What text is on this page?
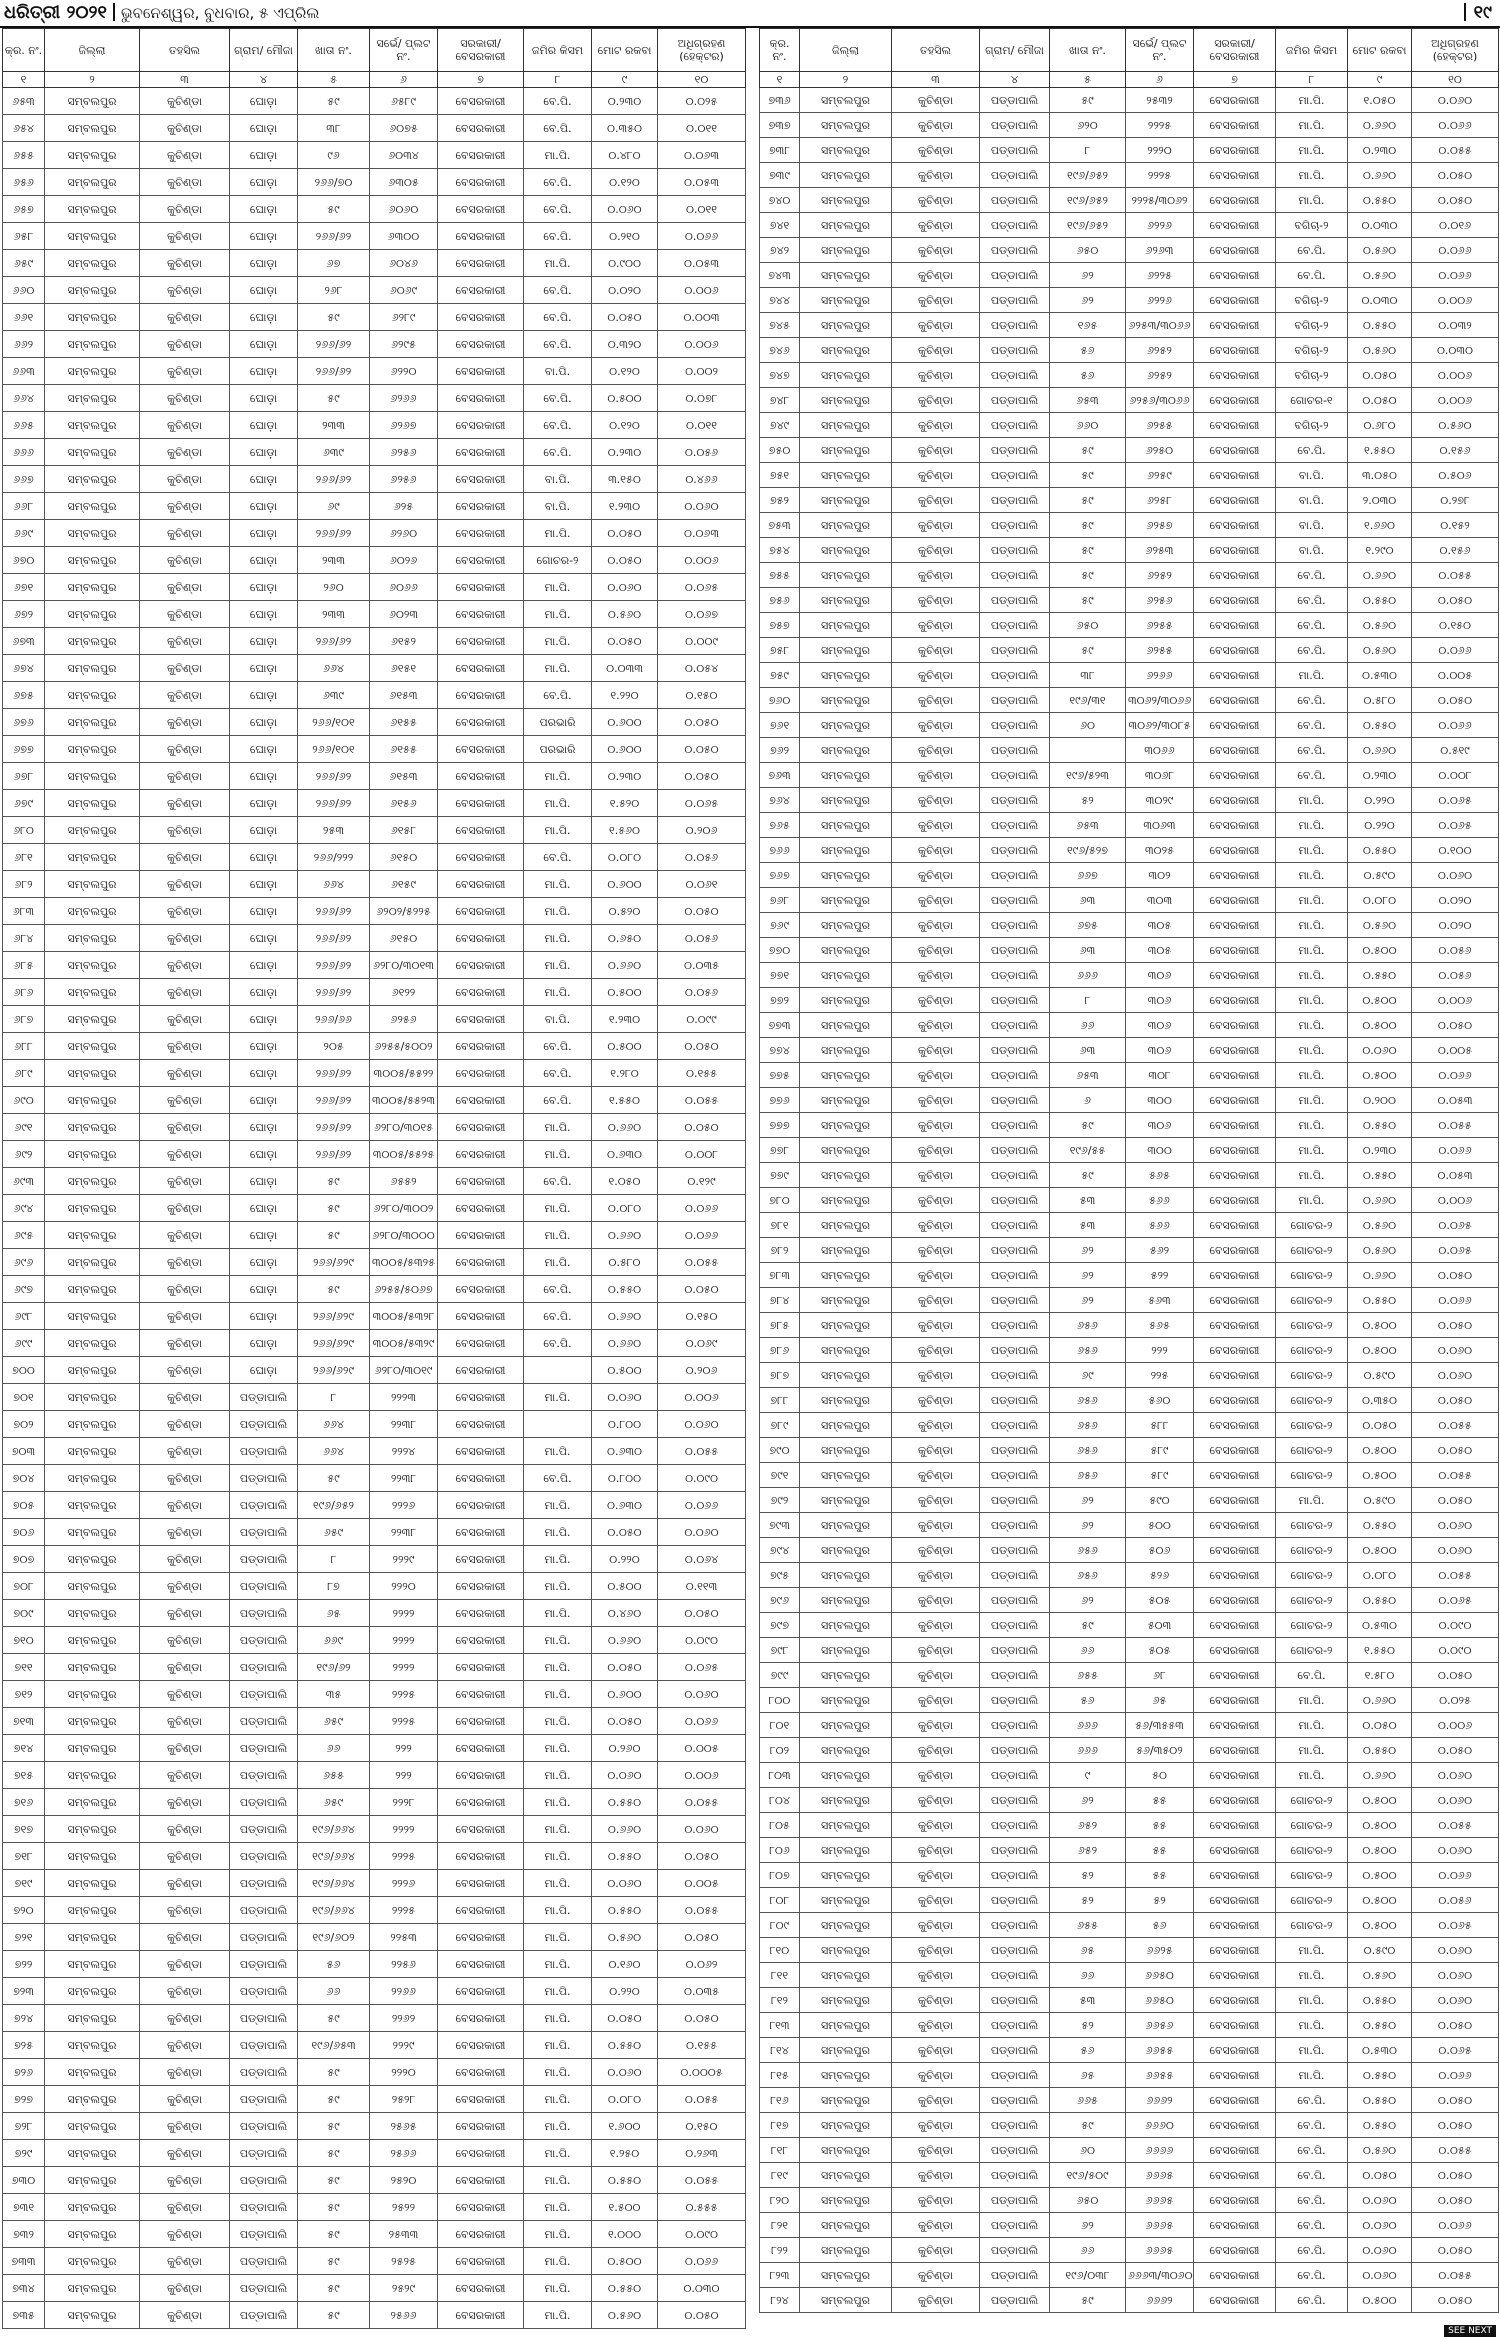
ଧରିତ୍ରୀ ୨୦୨୧ ଭୁବନେଶ୍ୱର, ବୁଧବାର, ୫ ଏପ୍ରିଲ	୧୯
କ୍ର. ନଂ.	ଜିଲ୍ଲା	ତହସିଲ	ଗ୍ରାମ/ ମୌଜା	ଖାତା ନଂ.	ସର୍ଭେ/ ପ୍ଲଟ ନଂ.	ସରକାରୀ/ ବେସରକାରୀ	ଜମିର କିସମ	ମୋଟ ରକବା	ଅଧିଗ୍ରହଣ (ହେକ୍ଟର)
୧	୨	୩	୪	୫	୬	୭	୮	୯	୧୦
୬୫୩	ସମ୍ବଲପୁର	କୁଚିଣ୍ଡା	ଘୋଡ଼ା	୫୯	୬୫୮୯	ବେସରକାରୀ	ବେ.ପି.	୦.୨୩୦	୦.୦୨୫
୬୫୪	ସମ୍ବଲପୁର	କୁଚିଣ୍ଡା	ଘୋଡ଼ା	୩୮	୬୦୭୫	ବେସରକାରୀ	ବେ.ପି.	୦.୩୫୦	୦.୦୧୧
୬୫୫	ସମ୍ବଲପୁର	କୁଚିଣ୍ଡା	ଘୋଡ଼ା	୯୬	୬୦୩୪	ବେସରକାରୀ	ମା.ପି.	୦.୪୮୦	୦.୦୬୩
୬୫୬	ସମ୍ବଲପୁର	କୁଚିଣ୍ଡା	ଘୋଡ଼ା	୨୬୬/୭୦	୬୩୦୫	ବେସରକାରୀ	ବେ.ପି.	୦.୧୨୦	୦.୦୫୩
୬୫୭	ସମ୍ବଲପୁର	କୁଚିଣ୍ଡା	ଘୋଡ଼ା	୫୯	୬୦୬୦	ବେସରକାରୀ	ବେ.ପି.	୦.୦୬୦	୦.୦୧୧
୬୫୮	ସମ୍ବଲପୁର	କୁଚିଣ୍ଡା	ଘୋଡ଼ା	୨୬୬/୬୨	୬୩୦୦	ବେସରକାରୀ	ବେ.ପି.	୦.୨୧୦	୦.୦୬୬
୬୫୯	ସମ୍ବଲପୁର	କୁଚିଣ୍ଡା	ଘୋଡ଼ା	୬୭	୬୦୪୬	ବେସରକାରୀ	ମା.ପି.	୦.୯୦୦	୦.୦୫୩
୬୬୦	ସମ୍ବଲପୁର	କୁଚିଣ୍ଡା	ଘୋଡ଼ା	୨୬୮	୬୦୬୯	ବେସରକାରୀ	ବେ.ପି.	୦.୦୨୦	୦.୦୦୬
୬୬୧	ସମ୍ବଲପୁର	କୁଚିଣ୍ଡା	ଘୋଡ଼ା	୫୯	୬୨୮୯	ବେସରକାରୀ	ବେ.ପି.	୦.୦୫୦	୦.୦୦୩
୬୬୨	ସମ୍ବଲପୁର	କୁଚିଣ୍ଡା	ଘୋଡ଼ା	୨୬୬/୬୨	୬୨୯୫	ବେସରକାରୀ	ବେ.ପି.	୦.୩୨୦	୦.୦୦୬
୬୬୩	ସମ୍ବଲପୁର	କୁଚିଣ୍ଡା	ଘୋଡ଼ା	୨୬୬/୬୨	୬୨୨୦	ବେସରକାରୀ	ବା.ପି.	୦.୧୨୦	୦.୦୦୨
୬୬୪	ସମ୍ବଲପୁର	କୁଚିଣ୍ଡା	ଘୋଡ଼ା	୫୯	୬୨୬୬	ବେସରକାରୀ	ବେ.ପି.	୦.୫୦୦	୦.୦୭୮
୬୬୫	ସମ୍ବଲପୁର	କୁଚିଣ୍ଡା	ଘୋଡ଼ା	୨୩୩	୬୨୬୭	ବେସରକାରୀ	ବେ.ପି.	୦.୧୨୦	୦.୦୧୧
୬୬୬	ସମ୍ବଲପୁର	କୁଚିଣ୍ଡା	ଘୋଡ଼ା	୬୩୯	୬୨୫୬	ବେସରକାରୀ	ବେ.ପି.	୦.୨୩୦	୦.୦୫୬
୬୬୭	ସମ୍ବଲପୁର	କୁଚିଣ୍ଡା	ଘୋଡ଼ା	୨୬୬/୬୨	୬୨୫୬	ବେସରକାରୀ	ବା.ପି.	୩.୧୫୦	୦.୪୬୬
୬୬୮	ସମ୍ବଲପୁର	କୁଚିଣ୍ଡା	ଘୋଡ଼ା	୬୯	୬୨୫	ବେସରକାରୀ	ବା.ପି.	୧.୨୩୦	୦.୦୬୦
୬୬୯	ସମ୍ବଲପୁର	କୁଚିଣ୍ଡା	ଘୋଡ଼ା	୨୬୬/୬୨	୬୨୬୦	ବେସରକାରୀ	ମା.ପି.	୦.୦୫୦	୦.୦୬୩
୬୭୦	ସମ୍ବଲପୁର	କୁଚିଣ୍ଡା	ଘୋଡ଼ା	୨୩୩	୬୦୨୬	ବେସରକାରୀ	ଗୋଚର-୨	୦.୦୫୦	୦.୦୦୬
୬୭୧	ସମ୍ବଲପୁର	କୁଚିଣ୍ଡା	ଘୋଡ଼ା	୨୬୦	୬୦୬୬	ବେସରକାରୀ	ମା.ପି.	୦.୦୬୦	୦.୦୬୫
୬୭୨	ସମ୍ବଲପୁର	କୁଚିଣ୍ଡା	ଘୋଡ଼ା	୨୩୩	୬୦୨୩	ବେସରକାରୀ	ମା.ପି.	୦.୫୬୦	୦.୦୬୭
୬୭୩	ସମ୍ବଲପୁର	କୁଚିଣ୍ଡା	ଘୋଡ଼ା	୨୬୬/୬୨	୬୧୫୨	ବେସରକାରୀ	ମା.ପି.	୦.୦୫୦	୦.୦୦୯
୬୭୪	ସମ୍ବଲପୁର	କୁଚିଣ୍ଡା	ଘୋଡ଼ା	୬୬୪	୬୧୫୧	ବେସରକାରୀ	ମା.ପି.	୦.୦୩୩	୦.୦୫୪
୬୭୫	ସମ୍ବଲପୁର	କୁଚିଣ୍ଡା	ଘୋଡ଼ା	୬୩୯	୬୧୫୩	ବେସରକାରୀ	ବେ.ପି.	୧.୨୨୦	୦.୧୫୦
୬୭୬	ସମ୍ବଲପୁର	କୁଚିଣ୍ଡା	ଘୋଡ଼ା	୨୬୬/୧୦୧	୬୧୫୫	ବେସରକାରୀ	ପରଭାରି	୦.୬୦୦	୦.୦୫୦
୬୭୭	ସମ୍ବଲପୁର	କୁଚିଣ୍ଡା	ଘୋଡ଼ା	୨୬୬/୧୦୧	୬୧୫୫	ବେସରକାରୀ	ପରଭାରି	୦.୬୦୦	୦.୦୫୦
୬୭୮	ସମ୍ବଲପୁର	କୁଚିଣ୍ଡା	ଘୋଡ଼ା	୨୬୬/୬୨	୬୧୫୩	ବେସରକାରୀ	ମା.ପି.	୦.୨୩୦	୦.୦୫୦
୬୭୯	ସମ୍ବଲପୁର	କୁଚିଣ୍ଡା	ଘୋଡ଼ା	୨୬୬/୬୨	୬୧୫୬	ବେସରକାରୀ	ମା.ପି.	୧.୫୨୦	୦.୦୬୫
୬୮୦	ସମ୍ବଲପୁର	କୁଚିଣ୍ଡା	ଘୋଡ଼ା	୨୫୩	୬୧୫୮	ବେସରକାରୀ	ମା.ପି.	୧.୫୬୦	୦.୨୦୬
୬୮୧	ସମ୍ବଲପୁର	କୁଚିଣ୍ଡା	ଘୋଡ଼ା	୨୬୬/୨୨୨	୬୧୫୦	ବେସରକାରୀ	ବେ.ପି.	୦.୦୮୦	୦.୦୫୬
୬୮୨	ସମ୍ବଲପୁର	କୁଚିଣ୍ଡା	ଘୋଡ଼ା	୬୬୪	୬୧୫୯	ବେସରକାରୀ	ମା.ପି.	୦.୬୦୦	୦.୦୬୧
୬୮୩	ସମ୍ବଲପୁର	କୁଚିଣ୍ଡା	ଘୋଡ଼ା	୨୬୬/୬୨	୬୨୦୨/୫୨୨୫	ବେସରକାରୀ	ମା.ପି.	୦.୫୨୦	୦.୦୫୦
୬୮୪	ସମ୍ବଲପୁର	କୁଚିଣ୍ଡା	ଘୋଡ଼ା	୨୬୬/୬୨	୬୧୫୦	ବେସରକାରୀ	ମା.ପି.	୦.୬୫୦	୦.୦୫୬
୬୮୫	ସମ୍ବଲପୁର	କୁଚିଣ୍ଡା	ଘୋଡ଼ା	୨୬୬/୬୨	୬୨୮୦/୩୦୧୩	ବେସରକାରୀ	ମା.ପି.	୦.୬୬୦	୦.୦୩୫
୬୮୬	ସମ୍ବଲପୁର	କୁଚିଣ୍ଡା	ଘୋଡ଼ା	୨୬୬/୬୨	୬୧୨୨	ବେସରକାରୀ	ମା.ପି.	୦.୫୦୦	୦.୦୫୬
୬୮୭	ସମ୍ବଲପୁର	କୁଚିଣ୍ଡା	ଘୋଡ଼ା	୨୬୬/୬୬	୬୨୫୬	ବେସରକାରୀ	ବା.ପି.	୧.୨୩୦	୦.୦୯୯
୬୮୮	ସମ୍ବଲପୁର	କୁଚିଣ୍ଡା	ଘୋଡ଼ା	୨୦୫	୬୨୫୫/୫୦୦୨	ବେସରକାରୀ	ବେ.ପି.	୦.୫୦୦	୦.୦୫୦
୬୮୯	ସମ୍ବଲପୁର	କୁଚିଣ୍ଡା	ଘୋଡ଼ା	୨୬୬/୬୨	୩୦୦୫/୫୫୨୨	ବେସରକାରୀ	ବେ.ପି.	୧.୨୮୦	୦.୧୫୫
୬୯୦	ସମ୍ବଲପୁର	କୁଚିଣ୍ଡା	ଘୋଡ଼ା	୨୬୬/୬୨	୩୦୦୫/୫୫୨୩	ବେସରକାରୀ	ବେ.ପି.	୧.୫୫୦	୦.୦୫୫
୬୯୧	ସମ୍ବଲପୁର	କୁଚିଣ୍ଡା	ଘୋଡ଼ା	୨୬୬/୬୨	୬୨୮୦/୩୦୧୫	ବେସରକାରୀ	ମା.ପି.	୦.୬୬୦	୦.୦୫୦
୬୯୨	ସମ୍ବଲପୁର	କୁଚିଣ୍ଡା	ଘୋଡ଼ା	୨୬୬/୬୨	୩୦୦୫/୫୫୨୫	ବେସରକାରୀ	ମା.ପି.	୦.୬୩୦	୦.୦୦୮
୬୯୩	ସମ୍ବଲପୁର	କୁଚିଣ୍ଡା	ଘୋଡ଼ା	୫୯	୬୫୫୨	ବେସରକାରୀ	ବେ.ପି.	୧.୦୫୦	୦.୧୨୯
୬୯୪	ସମ୍ବଲପୁର	କୁଚିଣ୍ଡା	ଘୋଡ଼ା	୫୯	୬୨୮୦/୩୦୦୨	ବେସରକାରୀ	ମା.ପି.	୦.୦୮୦	୦.୦୬୬
୬୯୫	ସମ୍ବଲପୁର	କୁଚିଣ୍ଡା	ଘୋଡ଼ା	୫୯	୬୨୮୦/୩୦୦୦	ବେସରକାରୀ	ମା.ପି.	୦.୬୬୦	୦.୦୬୬
୬୯୬	ସମ୍ବଲପୁର	କୁଚିଣ୍ଡା	ଘୋଡ଼ା	୨୬୬/୬୨୯	୩୦୦୫/୫୩୨୫	ବେସରକାରୀ	ମା.ପି.	୦.୫୮୦	୦.୦୫୫
୬୯୭	ସମ୍ବଲପୁର	କୁଚିଣ୍ଡା	ଘୋଡ଼ା	୫୯	୬୨୫୫/୫୦୬୭	ବେସରକାରୀ	ବେ.ପି.	୦.୫୫୦	୦.୦୫୦
୬୯୮	ସମ୍ବଲପୁର	କୁଚିଣ୍ଡା	ଘୋଡ଼ା	୨୬୬/୬୨୯	୩୦୦୫/୫୩୨୮	ବେସରକାରୀ	ବେ.ପି.	୦.୬୬୦	୦.୧୫୦
୬୯୯	ସମ୍ବଲପୁର	କୁଚିଣ୍ଡା	ଘୋଡ଼ା	୨୬୬/୬୨୯	୩୦୦୫/୫୩୨୯	ବେସରକାରୀ	ବେ.ପି.	୦.୬୬୦	୦.୦୬୯
୭୦୦	ସମ୍ବଲପୁର	କୁଚିଣ୍ଡା	ଘୋଡ଼ା	୨୬୬/୬୨୯	୬୨୮୦/୩୦୧୯	ବେସରକାରୀ		୦.୫୦୦	୦.୨୦୬
୭୦୧	ସମ୍ବଲପୁର	କୁଚିଣ୍ଡା	ପଡ୍ଡାପାଲି	୮	୨୨୨୩	ବେସରକାରୀ	ମା.ପି.	୦.୦୬୦	୦.୦୦୬
୭୦୨	ସମ୍ବଲପୁର	କୁଚିଣ୍ଡା	ପଡ୍ଡାପାଲି	୬୬୪	୨୨୩୮	ବେସରକାରୀ		୦.୮୦୦	୦.୦୬୦
୭୦୩	ସମ୍ବଲପୁର	କୁଚିଣ୍ଡା	ପଡ୍ଡାପାଲି	୬୬୪	୨୨୨୪	ବେସରକାରୀ	ମା.ପି.	୦.୬୩୦	୦.୦୫୫
୭୦୪	ସମ୍ବଲପୁର	କୁଚିଣ୍ଡା	ପଡ୍ଡାପାଲି	୫୯	୨୨୩୮	ବେସରକାରୀ	ବେ.ପି.	୦.୮୦୦	୦.୦୯୦
୭୦୫	ସମ୍ବଲପୁର	କୁଚିଣ୍ଡା	ପଡ୍ଡାପାଲି	୧୯୬/୬୫୨	୨୨୨୬	ବେସରକାରୀ	ମା.ପି.	୦.୬୩୦	୦.୦୬୬
୭୦୬	ସମ୍ବଲପୁର	କୁଚିଣ୍ଡା	ପଡ୍ଡାପାଲି	୬୫୯	୨୨୩୮	ବେସରକାରୀ	ମା.ପି.	୦.୦୫୦	୦.୦୬୦
୭୦୭	ସମ୍ବଲପୁର	କୁଚିଣ୍ଡା	ପଡ୍ଡାପାଲି	୮	୨୨୨୯	ବେସରକାରୀ	ମା.ପି.	୦.୨୨୦	୦.୦୬୪
୭୦୮	ସମ୍ବଲପୁର	କୁଚିଣ୍ଡା	ପଡ୍ଡାପାଲି	୮୭	୨୨୨୦	ବେସରକାରୀ	ମା.ପି.	୦.୫୦୦	୦.୧୧୩
୭୦୯	ସମ୍ବଲପୁର	କୁଚିଣ୍ଡା	ପଡ୍ଡାପାଲି	୬୫	୨୨୨୨	ବେସରକାରୀ	ମା.ପି.	୦.୪୬୦	୦.୦୫୦
୭୧୦	ସମ୍ବଲପୁର	କୁଚିଣ୍ଡା	ପଡ୍ଡାପାଲି	୬୬୯	୨୨୨୨	ବେସରକାରୀ	ମା.ପି.	୦.୬୬୦	୦.୦୯୦
୭୧୧	ସମ୍ବଲପୁର	କୁଚିଣ୍ଡା	ପଡ୍ଡାପାଲି	୧୯୬/୬୨	୨୨୨୨	ବେସରକାରୀ	ମା.ପି.	୦.୦୫୦	୦.୦୬୫
୭୧୨	ସମ୍ବଲପୁର	କୁଚିଣ୍ଡା	ପଡ୍ଡାପାଲି	୩୫	୨୨୨୫	ବେସରକାରୀ	ମା.ପି.	୦.୬୦୦	୦.୦୬୦
୭୧୩	ସମ୍ବଲପୁର	କୁଚିଣ୍ଡା	ପଡ୍ଡାପାଲି	୬୫୯	୨୨୨୫	ବେସରକାରୀ	ମା.ପି.	୦.୦୫୦	୦.୦୬୬
୭୧୪	ସମ୍ବଲପୁର	କୁଚିଣ୍ଡା	ପଡ୍ଡାପାଲି	୬୬	୨୨୨	ବେସରକାରୀ	ମା.ପି.	୦.୨୬୦	୦.୦୦୫
୭୧୫	ସମ୍ବଲପୁର	କୁଚିଣ୍ଡା	ପଡ୍ଡାପାଲି	୬୫୫	୨୨୨	ବେସରକାରୀ	ମା.ପି.	୦.୦୬୦	୦.୦୦୬
୭୧୬	ସମ୍ବଲପୁର	କୁଚିଣ୍ଡା	ପଡ୍ଡାପାଲି	୬୫୯	୨୨୨୮	ବେସରକାରୀ	ମା.ପି.	୦.୫୫୦	୦.୦୫୫
୭୧୭	ସମ୍ବଲପୁର	କୁଚିଣ୍ଡା	ପଡ୍ଡାପାଲି	୧୯୬/୬୬୪	୨୨୨୨	ବେସରକାରୀ	ମା.ପି.	୦.୬୬୦	୦.୦୬୦
୭୧୮	ସମ୍ବଲପୁର	କୁଚିଣ୍ଡା	ପଡ୍ଡାପାଲି	୧୯୬/୬୬୪	୨୨୨୫	ବେସରକାରୀ	ମା.ପି.	୦.୫୫୦	୦.୦୫୦
୭୧୯	ସମ୍ବଲପୁର	କୁଚିଣ୍ଡା	ପଡ୍ଡାପାଲି	୧୯୬/୬୬୪	୨୨୨୬	ବେସରକାରୀ	ମା.ପି.	୦.୦୬୦	୦.୦୦୫
୭୨୦	ସମ୍ବଲପୁର	କୁଚିଣ୍ଡା	ପଡ୍ଡାପାଲି	୧୯୬/୬୬୪	୨୨୨୫	ବେସରକାରୀ	ମା.ପି.	୦.୫୫୦	୦.୦୫୫
୭୨୧	ସମ୍ବଲପୁର	କୁଚିଣ୍ଡା	ପଡ୍ଡାପାଲି	୧୯୬/୬୦୨	୨୨୫୩	ବେସରକାରୀ	ମା.ପି.	୦.୫୬୦	୦.୦୫୦
୭୨୨	ସମ୍ବଲପୁର	କୁଚିଣ୍ଡା	ପଡ୍ଡାପାଲି	୫୬	୨୨୫୬	ବେସରକାରୀ	ମା.ପି.	୦.୧୬୦	୦.୦୬୨
୭୨୩	ସମ୍ବଲପୁର	କୁଚିଣ୍ଡା	ପଡ୍ଡାପାଲି	୬୬	୨୨୬୬	ବେସରକାରୀ	ମା.ପି.	୦.୨୨୦	୦.୦୩୫
୭୨୪	ସମ୍ବଲପୁର	କୁଚିଣ୍ଡା	ପଡ୍ଡାପାଲି	୫୯	୨୨୬୨	ବେସରକାରୀ	ମା.ପି.	୦.୦୫୦	୦.୦୫୦
୭୨୫	ସମ୍ବଲପୁର	କୁଚିଣ୍ଡା	ପଡ୍ଡାପାଲି	୧୯୬/୬୫୩	୨୨୨୯	ବେସରକାରୀ	ମା.ପି.	୦.୫୫୦	୦.୧୫୫
୭୨୬	ସମ୍ବଲପୁର	କୁଚିଣ୍ଡା	ପଡ୍ଡାପାଲି	୫୯	୨୨୨୦	ବେସରକାରୀ	ମା.ପି.	୦.୦୬୦	୦.୦୦୦୫
୭୨୭	ସମ୍ବଲପୁର	କୁଚିଣ୍ଡା	ପଡ୍ଡାପାଲି	୫୯	୨୫୨୮	ବେସରକାରୀ	ମା.ପି.	୦.୦୮୦	୦.୦୫୫
୭୨୮	ସମ୍ବଲପୁର	କୁଚିଣ୍ଡା	ପଡ୍ଡାପାଲି	୫୯	୨୫୬୫	ବେସରକାରୀ	ମା.ପି.	୧.୬୦୦	୦.୧୫୦
୭୨୯	ସମ୍ବଲପୁର	କୁଚିଣ୍ଡା	ପଡ୍ଡାପାଲି	୫୯	୨୫୬୬	ବେସରକାରୀ	ମା.ପି.	୧.୨୫୦	୦.୨୬୩
୭୩୦	ସମ୍ବଲପୁର	କୁଚିଣ୍ଡା	ପଡ୍ଡାପାଲି	୫୯	୨୫୨୦	ବେସରକାରୀ	ମା.ପି.	୦.୫୫୦	୦.୦୫୫
୭୩୧	ସମ୍ବଲପୁର	କୁଚିଣ୍ଡା	ପଡ୍ଡାପାଲି	୫୯	୨୫୨୨	ବେସରକାରୀ	ମା.ପି.	୧.୫୦୦	୦.୫୫୫
୭୩୨	ସମ୍ବଲପୁର	କୁଚିଣ୍ଡା	ପଡ୍ଡାପାଲି	୫୯	୨୫୩୩	ବେସରକାରୀ	ମା.ପି.	୧.୦୦୦	୦.୦୯୦
୭୩୩	ସମ୍ବଲପୁର	କୁଚିଣ୍ଡା	ପଡ୍ଡାପାଲି	୫୯	୨୫୨୫	ବେସରକାରୀ	ମା.ପି.	୦.୫୦୦	୦.୦୬୬
୭୩୪	ସମ୍ବଲପୁର	କୁଚିଣ୍ଡା	ପଡ୍ଡାପାଲି	୫୯	୨୫୨୯	ବେସରକାରୀ	ମା.ପି.	୦.୫୫୦	୦.୦୩୦
୭୩୫	ସମ୍ବଲପୁର	କୁଚିଣ୍ଡା	ପଡ୍ଡାପାଲି	୫୯	୨୫୬୬	ବେସରକାରୀ	ମା.ପି.	୦.୫୬୦	୦.୦୫୦
କ୍ର. ନଂ.	ଜିଲ୍ଲା	ତହସିଲ	ଗ୍ରାମ/ ମୌଜା	ଖାତା ନଂ.	ସର୍ଭେ/ ପ୍ଲଟ ନଂ.	ସରକାରୀ/ ବେସରକାରୀ	ଜମିର କିସମ	ମୋଟ ରକବା	ଅଧିଗ୍ରହଣ (ହେକ୍ଟର)
୧	୨	୩	୪	୫	୬	୭	୮	୯	୧୦
୭୩୬	ସମ୍ବଲପୁର	କୁଚିଣ୍ଡା	ପଡ୍ଡାପାଲି	୫୯	୨୫୩୨	ବେସରକାରୀ	ମା.ପି.	୧.୦୫୦	୦.୦୬୦
୭୩୭	ସମ୍ବଲପୁର	କୁଚିଣ୍ଡା	ପଡ୍ଡାପାଲି	୬୨୦	୨୨୨୫	ବେସରକାରୀ	ମା.ପି.	୦.୬୬୦	୦.୦୬୬
୭୩୮	ସମ୍ବଲପୁର	କୁଚିଣ୍ଡା	ପଡ୍ଡାପାଲି	୮	୨୨୨୦	ବେସରକାରୀ	ମା.ପି.	୦.୨୩୦	୦.୦୫୫
୭୩୯	ସମ୍ବଲପୁର	କୁଚିଣ୍ଡା	ପଡ୍ଡାପାଲି	୧୯୬/୬୫୨	୨୨୨୫	ବେସରକାରୀ	ମା.ପି.	୦.୬୬୦	୦.୦୫୦
୭୪୦	ସମ୍ବଲପୁର	କୁଚିଣ୍ଡା	ପଡ୍ଡାପାଲି	୧୯୬/୬୫୨	୨୨୨୫/୩୦୬୨	ବେସରକାରୀ	ମା.ପି.	୦.୫୫୦	୦.୦୫୦
୭୪୧	ସମ୍ବଲପୁର	କୁଚିଣ୍ଡା	ପଡ୍ଡାପାଲି	୧୯୬/୬୫୨	୬୨୨୬	ବେସରକାରୀ	ବଗିଚା-୨	୦.୦୩୦	୦.୦୧୬
୭୪୨	ସମ୍ବଲପୁର	କୁଚିଣ୍ଡା	ପଡ୍ଡାପାଲି	୬୫୦	୬୨୬୩	ବେସରକାରୀ	ବେ.ପି.	୦.୫୬୦	୦.୦୬୬
୭୪୩	ସମ୍ବଲପୁର	କୁଚିଣ୍ଡା	ପଡ୍ଡାପାଲି	୬୨	୬୨୨୫	ବେସରକାରୀ	ବେ.ପି.	୦.୫୬୦	୦.୦୬୬
୭୪୪	ସମ୍ବଲପୁର	କୁଚିଣ୍ଡା	ପଡ୍ଡାପାଲି	୬୨	୬୨୨୬	ବେସରକାରୀ	ବଗିଚା-୨	୦.୦୩୦	୦.୦୦୬
୭୪୫	ସମ୍ବଲପୁର	କୁଚିଣ୍ଡା	ପଡ୍ଡାପାଲି	୧୬୫	୬୨୫୩/୩୦୬୬	ବେସରକାରୀ	ବଗିଚା-୨	୦.୫୫୦	୦.୦୩୨
୭୪୬	ସମ୍ବଲପୁର	କୁଚିଣ୍ଡା	ପଡ୍ଡାପାଲି	୫୬	୬୨୫୨	ବେସରକାରୀ	ବଗିଚା-୨	୦.୫୬୦	୦.୦୩୦
୭୪୭	ସମ୍ବଲପୁର	କୁଚିଣ୍ଡା	ପଡ୍ଡାପାଲି	୫୬	୬୨୫୨	ବେସରକାରୀ	ବଗିଚା-୨	୦.୦୫୦	୦.୦୦୬
୭୪୮	ସମ୍ବଲପୁର	କୁଚିଣ୍ଡା	ପଡ୍ଡାପାଲି	୬୫୩	୬୨୫୬/୩୦୬୬	ବେସରକାରୀ	ଗୋଚର-୧	୦.୦୫୦	୦.୦୦୬
୭୪୯	ସମ୍ବଲପୁର	କୁଚିଣ୍ଡା	ପଡ୍ଡାପାଲି	୬୬୦	୬୨୫୫	ବେସରକାରୀ	ବଗିଚା-୨	୦.୬୮୦	୦.୫୬୦
୭୫୦	ସମ୍ବଲପୁର	କୁଚିଣ୍ଡା	ପଡ୍ଡାପାଲି	୫୯	୬୨୫୦	ବେସରକାରୀ	ବେ.ପି.	୧.୫୫୦	୦.୧୫୬
୭୫୧	ସମ୍ବଲପୁର	କୁଚିଣ୍ଡା	ପଡ୍ଡାପାଲି	୫୯	୬୨୫୯	ବେସରକାରୀ	ବା.ପି.	୩.୦୫୦	୦.୫୦୬
୭୫୨	ସମ୍ବଲପୁର	କୁଚିଣ୍ଡା	ପଡ୍ଡାପାଲି	୫୯	୬୨୫୮	ବେସରକାରୀ	ବା.ପି.	୨.୦୩୦	୦.୨୭୮
୭୫୩	ସମ୍ବଲପୁର	କୁଚିଣ୍ଡା	ପଡ୍ଡାପାଲି	୫୯	୬୨୫୭	ବେସରକାରୀ	ବା.ପି.	୧.୬୬୦	୦.୧୫୨
୭୫୪	ସମ୍ବଲପୁର	କୁଚିଣ୍ଡା	ପଡ୍ଡାପାଲି	୫୯	୬୨୫୩	ବେସରକାରୀ	ବା.ପି.	୧.୨୯୦	୦.୧୫୬
୭୫୫	ସମ୍ବଲପୁର	କୁଚିଣ୍ଡା	ପଡ୍ଡାପାଲି	୫୯	୬୨୫୨	ବେସରକାରୀ	ବେ.ପି.	୦.୬୬୦	୦.୦୫୫
୭୫୬	ସମ୍ବଲପୁର	କୁଚିଣ୍ଡା	ପଡ୍ଡାପାଲି	୫୯	୬୨୫୬	ବେସରକାରୀ	ବେ.ପି.	୦.୫୫୦	୦.୦୫୦
୭୫୭	ସମ୍ବଲପୁର	କୁଚିଣ୍ଡା	ପଡ୍ଡାପାଲି	୬୫୦	୬୨୫୫	ବେସରକାରୀ	ବେ.ପି.	୦.୫୬୦	୦.୧୫୦
୭୫୮	ସମ୍ବଲପୁର	କୁଚିଣ୍ଡା	ପଡ୍ଡାପାଲି	୫୯	୬୨୫୫	ବେସରକାରୀ	ବେ.ପି.	୦.୫୬୦	୦.୦୬୬
୭୫୯	ସମ୍ବଲପୁର	କୁଚିଣ୍ଡା	ପଡ୍ଡାପାଲି	୩୮	୬୨୬୬	ବେସରକାରୀ	ମା.ପି.	୦.୫୩୦	୦.୦୦୫
୭୬୦	ସମ୍ବଲପୁର	କୁଚିଣ୍ଡା	ପଡ୍ଡାପାଲି	୧୯୬/୩୧	୩୦୬୨/୩୦୬୬	ବେସରକାରୀ	ବେ.ପି.	୦.୫୮୦	୦.୦୫୦
୭୬୧	ସମ୍ବଲପୁର	କୁଚିଣ୍ଡା	ପଡ୍ଡାପାଲି	୬୦	୩୦୬୨/୩୦୮୫	ବେସରକାରୀ	ବେ.ପି.	୦.୫୫୦	୦.୦୬୬
୭୬୨	ସମ୍ବଲପୁର	କୁଚିଣ୍ଡା	ପଡ୍ଡାପାଲି		୩୦୬୬	ବେସରକାରୀ	ବେ.ପି.	୦.୬୬୦	୦.୫୧୯
୭୬୩	ସମ୍ବଲପୁର	କୁଚିଣ୍ଡା	ପଡ୍ଡାପାଲି	୧୯୬/୫୨୩	୩୦୬୮	ବେସରକାରୀ	ବେ.ପି.	୦.୨୩୦	୦.୦୦୮
୭୬୪	ସମ୍ବଲପୁର	କୁଚିଣ୍ଡା	ପଡ୍ଡାପାଲି	୫୨	୩୦୨୯	ବେସରକାରୀ	ମା.ପି.	୦.୨୨୦	୦.୦୬୫
୭୬୫	ସମ୍ବଲପୁର	କୁଚିଣ୍ଡା	ପଡ୍ଡାପାଲି	୬୫୩	୩୦୬୩	ବେସରକାରୀ	ମା.ପି.	୦.୨୨୦	୦.୦୬୫
୭୬୬	ସମ୍ବଲପୁର	କୁଚିଣ୍ଡା	ପଡ୍ଡାପାଲି	୧୯୬/୫୨୭	୩୦୨୫	ବେସରକାରୀ	ମା.ପି.	୦.୫୫୦	୦.୧୦୦
୭୬୭	ସମ୍ବଲପୁର	କୁଚିଣ୍ଡା	ପଡ୍ଡାପାଲି	୬୬୭	୩୦୨	ବେସରକାରୀ	ମା.ପି.	୦.୫୯୦	୦.୦୬୦
୭୬୮	ସମ୍ବଲପୁର	କୁଚିଣ୍ଡା	ପଡ୍ଡାପାଲି	୬୩	୩୦୩	ବେସରକାରୀ	ମା.ପି.	୦.୦୮୦	୦.୦୨୦
୭୬୯	ସମ୍ବଲପୁର	କୁଚିଣ୍ଡା	ପଡ୍ଡାପାଲି	୬୭୫	୩୦୫	ବେସରକାରୀ	ମା.ପି.	୦.୫୬୦	୦.୦୨୦
୭୭୦	ସମ୍ବଲପୁର	କୁଚିଣ୍ଡା	ପଡ୍ଡାପାଲି	୬୩	୩୦୫	ବେସରକାରୀ	ମା.ପି.	୦.୫୦୦	୦.୦୫୬
୭୭୧	ସମ୍ବଲପୁର	କୁଚିଣ୍ଡା	ପଡ୍ଡାପାଲି	୬୬୬	୩୦୬	ବେସରକାରୀ	ମା.ପି.	୦.୫୫୦	୦.୦୫୬
୭୭୨	ସମ୍ବଲପୁର	କୁଚିଣ୍ଡା	ପଡ୍ଡାପାଲି	୮	୩୦୬	ବେସରକାରୀ	ମା.ପି.	୦.୫୦୦	୦.୦୦୬
୭୭୩	ସମ୍ବଲପୁର	କୁଚିଣ୍ଡା	ପଡ୍ଡାପାଲି	୬୬	୩୦୬	ବେସରକାରୀ	ମା.ପି.	୦.୫୦୦	୦.୦୫୦
୭୭୪	ସମ୍ବଲପୁର	କୁଚିଣ୍ଡା	ପଡ୍ଡାପାଲି	୬୩	୩୦୬	ବେସରକାରୀ	ମା.ପି.	୦.୦୬୦	୦.୦୦୫
୭୭୫	ସମ୍ବଲପୁର	କୁଚିଣ୍ଡା	ପଡ୍ଡାପାଲି	୬୫୩	୩୦୮	ବେସରକାରୀ	ମା.ପି.	୦.୫୦୦	୦.୦୬୬
୭୭୬	ସମ୍ବଲପୁର	କୁଚିଣ୍ଡା	ପଡ୍ଡାପାଲି	୬	୩୦୦	ବେସରକାରୀ	ମା.ପି.	୦.୨୦୦	୦.୦୫୩
୭୭୭	ସମ୍ବଲପୁର	କୁଚିଣ୍ଡା	ପଡ୍ଡାପାଲି	୫୯	୩୦୬	ବେସରକାରୀ	ମା.ପି.	୦.୫୫୦	୦.୦୫୫
୭୭୮	ସମ୍ବଲପୁର	କୁଚିଣ୍ଡା	ପଡ୍ଡାପାଲି	୧୯୬/୫୫	୩୦୦	ବେସରକାରୀ	ମା.ପି.	୦.୨୩୦	୦.୦୬୬
୭୭୯	ସମ୍ବଲପୁର	କୁଚିଣ୍ଡା	ପଡ୍ଡାପାଲି	୫୯	୫୬୫	ବେସରକାରୀ	ମା.ପି.	୦.୫୫୦	୦.୦୫୩
୭୮୦	ସମ୍ବଲପୁର	କୁଚିଣ୍ଡା	ପଡ୍ଡାପାଲି	୫୩	୫୬୬	ବେସରକାରୀ	ମା.ପି.	୦.୬୬୦	୦.୦୦୬
୭୮୧	ସମ୍ବଲପୁର	କୁଚିଣ୍ଡା	ପଡ୍ଡାପାଲି	୫୩	୫୬୬	ବେସରକାରୀ	ଗୋଚର-୨	୦.୫୬୦	୦.୦୬୫
୭୮୨	ସମ୍ବଲପୁର	କୁଚିଣ୍ଡା	ପଡ୍ଡାପାଲି	୬୨	୫୬୨	ବେସରକାରୀ	ଗୋଚର-୨	୦.୫୬୦	୦.୦୬୫
୭୮୩	ସମ୍ବଲପୁର	କୁଚିଣ୍ଡା	ପଡ୍ଡାପାଲି	୬୨	୫୨୨	ବେସରକାରୀ	ଗୋଚର-୨	୦.୬୬୦	୦.୦୫୦
୭୮୪	ସମ୍ବଲପୁର	କୁଚିଣ୍ଡା	ପଡ୍ଡାପାଲି	୬୨	୫୬୩	ବେସରକାରୀ	ଗୋଚର-୨	୦.୫୫୦	୦.୦୬୬
୭୮୫	ସମ୍ବଲପୁର	କୁଚିଣ୍ଡା	ପଡ୍ଡାପାଲି	୬୫୬	୫୬୫	ବେସରକାରୀ	ଗୋଚର-୨	୦.୫୦୦	୦.୦୫୦
୭୮୬	ସମ୍ବଲପୁର	କୁଚିଣ୍ଡା	ପଡ୍ଡାପାଲି	୬୫୬	୨୨୨	ବେସରକାରୀ	ଗୋଚର-୨	୦.୫୦୦	୦.୦୬୦
୭୮୭	ସମ୍ବଲପୁର	କୁଚିଣ୍ଡା	ପଡ୍ଡାପାଲି	୬୯	୨୨୫	ବେସରକାରୀ	ଗୋଚର-୨	୦.୫୯୦	୦.୦୬୦
୭୮୮	ସମ୍ବଲପୁର	କୁଚିଣ୍ଡା	ପଡ୍ଡାପାଲି	୬୫୬	୫୬୦	ବେସରକାରୀ	ଗୋଚର-୨	୦.୩୫୦	୦.୦୫୦
୭୮୯	ସମ୍ବଲପୁର	କୁଚିଣ୍ଡା	ପଡ୍ଡାପାଲି	୬୫୬	୫୮୮	ବେସରକାରୀ	ଗୋଚର-୨	୦.୦୫୦	୦.୦୫୫
୭୯୦	ସମ୍ବଲପୁର	କୁଚିଣ୍ଡା	ପଡ୍ଡାପାଲି	୬୫୬	୫୮୯	ବେସରକାରୀ	ଗୋଚର-୨	୦.୫୦୦	୦.୦୫୦
୭୯୧	ସମ୍ବଲପୁର	କୁଚିଣ୍ଡା	ପଡ୍ଡାପାଲି	୬୫୬	୫୮୯	ବେସରକାରୀ	ଗୋଚର-୨	୦.୫୦୦	୦.୦୫୫
୭୯୨	ସମ୍ବଲପୁର	କୁଚିଣ୍ଡା	ପଡ୍ଡାପାଲି	୬୨	୫୯୦	ବେସରକାରୀ	ମା.ପି.	୦.୫୯୦	୦.୦୫୦
୭୯୩	ସମ୍ବଲପୁର	କୁଚିଣ୍ଡା	ପଡ୍ଡାପାଲି	୬୨	୫୦୦	ବେସରକାରୀ	ଗୋଚର-୨	୦.୫୫୦	୦.୦୬୦
୭୯୪	ସମ୍ବଲପୁର	କୁଚିଣ୍ଡା	ପଡ୍ଡାପାଲି	୬୫୬	୫୦୬	ବେସରକାରୀ	ଗୋଚର-୨	୦.୫୦୦	୦.୦୬୦
୭୯୫	ସମ୍ବଲପୁର	କୁଚିଣ୍ଡା	ପଡ୍ଡାପାଲି	୬୫୬	୫୨୬	ବେସରକାରୀ	ଗୋଚର-୨	୦.୦୮୦	୦.୦୫୫
୭୯୬	ସମ୍ବଲପୁର	କୁଚିଣ୍ଡା	ପଡ୍ଡାପାଲି	୬୨	୫୦୫	ବେସରକାରୀ	ଗୋଚର-୨	୦.୫୫୦	୦.୦୬୫
୭୯୭	ସମ୍ବଲପୁର	କୁଚିଣ୍ଡା	ପଡ୍ଡାପାଲି	୫୯	୫୦୩	ବେସରକାରୀ	ଗୋଚର-୨	୦.୫୩୦	୦.୦୯୦
୭୯୮	ସମ୍ବଲପୁର	କୁଚିଣ୍ଡା	ପଡ୍ଡାପାଲି	୬୬	୫୦୫	ବେସରକାରୀ	ଗୋଚର-୨	୧.୫୫୦	୦.୦୯୦
୭୯୯	ସମ୍ବଲପୁର	କୁଚିଣ୍ଡା	ପଡ୍ଡାପାଲି	୬୫୫	୬୮	ବେସରକାରୀ	ବେ.ପି.	୧.୫୮୦	୦.୦୫୦
୮୦୦	ସମ୍ବଲପୁର	କୁଚିଣ୍ଡା	ପଡ୍ଡାପାଲି	୫୬	୬୫	ବେସରକାରୀ	ମା.ପି.	୦.୬୬୦	୦.୦୨୫
୮୦୧	ସମ୍ବଲପୁର	କୁଚିଣ୍ଡା	ପଡ୍ଡାପାଲି	୬୬୬	୫୬/୩୫୫୩	ବେସରକାରୀ	ମା.ପି.	୦.୦୫୦	୦.୦୦୬
୮୦୨	ସମ୍ବଲପୁର	କୁଚିଣ୍ଡା	ପଡ୍ଡାପାଲି	୬୬୬	୫୬/୩୫୦୨	ବେସରକାରୀ	ମା.ପି.	୦.୫୫୦	୦.୦୫୦
୮୦୩	ସମ୍ବଲପୁର	କୁଚିଣ୍ଡା	ପଡ୍ଡାପାଲି	୯	୫୦	ବେସରକାରୀ	ମା.ପି.	୦.୬୬୦	୦.୦୬୦
୮୦୪	ସମ୍ବଲପୁର	କୁଚିଣ୍ଡା	ପଡ୍ଡାପାଲି	୬୨	୫୫	ବେସରକାରୀ	ଗୋଚର-୨	୦.୫୦୦	୦.୦୬୦
୮୦୫	ସମ୍ବଲପୁର	କୁଚିଣ୍ଡା	ପଡ୍ଡାପାଲି	୬୫୨	୫୫	ବେସରକାରୀ	ଗୋଚର-୨	୦.୫୦୦	୦.୦୫୫
୮୦୬	ସମ୍ବଲପୁର	କୁଚିଣ୍ଡା	ପଡ୍ଡାପାଲି	୬୫୨	୫୫	ବେସରକାରୀ	ଗୋଚର-୨	୦.୫୦୦	୦.୦୬୦
୮୦୭	ସମ୍ବଲପୁର	କୁଚିଣ୍ଡା	ପଡ୍ଡାପାଲି	୫୨	୫୫	ବେସରକାରୀ	ଗୋଚର-୨	୦.୫୦୦	୦.୦୬୬
୮୦୮	ସମ୍ବଲପୁର	କୁଚିଣ୍ଡା	ପଡ୍ଡାପାଲି	୫୨	୫୨	ବେସରକାରୀ	ଗୋଚର-୨	୦.୫୦୦	୦.୦୫୬
୮୦୯	ସମ୍ବଲପୁର	କୁଚିଣ୍ଡା	ପଡ୍ଡାପାଲି	୬୫୫	୫୬	ବେସରକାରୀ	ଗୋଚର-୨	୦.୫୦୦	୦.୦୬୫
୮୧୦	ସମ୍ବଲପୁର	କୁଚିଣ୍ଡା	ପଡ୍ଡାପାଲି	୬୫	୬୬୨୫	ବେସରକାରୀ	ମା.ପି.	୦.୫୯୦	୦.୦୬୦
୮୧୧	ସମ୍ବଲପୁର	କୁଚିଣ୍ଡା	ପଡ୍ଡାପାଲି	୬୬	୬୬୫୦	ବେସରକାରୀ	ମା.ପି.	୦.୫୬୦	୦.୦୬୦
୮୧୨	ସମ୍ବଲପୁର	କୁଚିଣ୍ଡା	ପଡ୍ଡାପାଲି	୫୩	୬୬୫୦	ବେସରକାରୀ	ମା.ପି.	୦.୫୫୦	୦.୦୬୦
୮୧୩	ସମ୍ବଲପୁର	କୁଚିଣ୍ଡା	ପଡ୍ଡାପାଲି	୫୨	୬୬୫୬	ବେସରକାରୀ	ମା.ପି.	୦.୫୫୦	୦.୦୫୦
୮୧୪	ସମ୍ବଲପୁର	କୁଚିଣ୍ଡା	ପଡ୍ଡାପାଲି	୫୬	୬୬୫୫	ବେସରକାରୀ	ମା.ପି.	୦.୫୩୦	୦.୦୬୫
୮୧୫	ସମ୍ବଲପୁର	କୁଚିଣ୍ଡା	ପଡ୍ଡାପାଲି	୬୫	୬୬୫୫	ବେସରକାରୀ	ମା.ପି.	୦.୫୫୦	୦.୦୬୬
୮୧୬	ସମ୍ବଲପୁର	କୁଚିଣ୍ଡା	ପଡ୍ଡାପାଲି	୬୬୫	୬୬୬୨	ବେସରକାରୀ	ବେ.ପି.	୦.୫୫୦	୦.୦୫୦
୮୧୭	ସମ୍ବଲପୁର	କୁଚିଣ୍ଡା	ପଡ୍ଡାପାଲି	୫୯	୬୬୬୦	ବେସରକାରୀ	ବେ.ପି.	୦.୫୫୦	୦.୦୫୦
୮୧୮	ସମ୍ବଲପୁର	କୁଚିଣ୍ଡା	ପଡ୍ଡାପାଲି	୬୦	୬୬୬୬	ବେସରକାରୀ	ବେ.ପି.	୦.୫୬୦	୦.୦୫୫
୮୧୯	ସମ୍ବଲପୁର	କୁଚିଣ୍ଡା	ପଡ୍ଡାପାଲି	୧୯୬/୫୦୯	୬୬୬୫	ବେସରକାରୀ	ବେ.ପି.	୦.୦୫୦	୦.୦୫୦
୮୨୦	ସମ୍ବଲପୁର	କୁଚିଣ୍ଡା	ପଡ୍ଡାପାଲି	୬୫୦	୬୬୬୫	ବେସରକାରୀ	ବେ.ପି.	୦.୦୬୦	୦.୦୫୦
୮୨୧	ସମ୍ବଲପୁର	କୁଚିଣ୍ଡା	ପଡ୍ଡାପାଲି	୬୨	୬୬୬୫	ବେସରକାରୀ	ବେ.ପି.	୦.୦୬୦	୦.୦୬୬
୮୨୨	ସମ୍ବଲପୁର	କୁଚିଣ୍ଡା	ପଡ୍ଡାପାଲି	୬୬	୬୬୬୫	ବେସରକାରୀ	ବେ.ପି.	୦.୦୬୦	୦.୦୫୦
୮୨୩	ସମ୍ବଲପୁର	କୁଚିଣ୍ଡା	ପଡ୍ଡାପାଲି	୧୯୬/୦୩୮	୬୬୬୩/୩୦୬୦	ବେସରକାରୀ	ବେ.ପି.	୦.୦୬୦	୦.୦୫୫
୮୨୪	ସମ୍ବଲପୁର	କୁଚିଣ୍ଡା	ପଡ୍ଡାପାଲି	୫୯	୬୬୬୨	ବେସରକାରୀ	ବେ.ପି.	୦.୫୦୦	୦.୦୫୦
SEE NEXT
